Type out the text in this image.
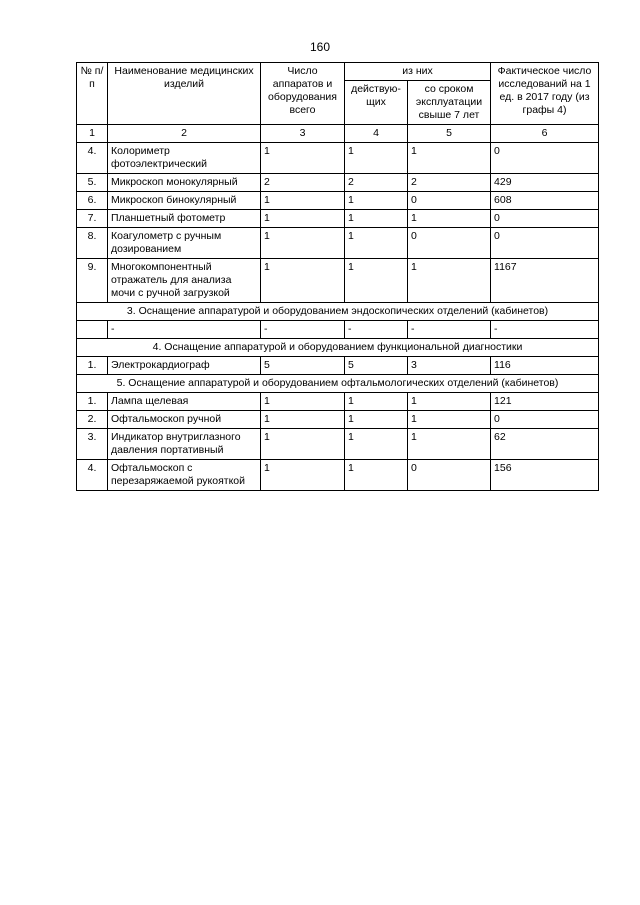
160
№ п/п	Наименование медицинских изделий	Число аппаратов и оборудования всего	из них		Фактическое число исследований на 1 ед. в 2017 году (из графы 4)
			действую-щих	со сроком эксплуатации свыше 7 лет	
1	2	3	4	5	6
4.	Колориметр фотоэлектрический	1	1	1	0
5.	Микроскоп монокулярный	2	2	2	429
6.	Микроскоп бинокулярный	1	1	0	608
7.	Планшетный фотометр	1	1	1	0
8.	Коагулометр с ручным дозированием	1	1	0	0
9.	Многокомпонентный отражатель для анализа мочи с ручной загрузкой	1	1	1	1167
3. Оснащение аппаратурой и оборудованием эндоскопических отделений (кабинетов)					
	-	-	-	-	-
4. Оснащение аппаратурой и оборудованием функциональной диагностики					
1.	Электрокардиограф	5	5	3	116
5. Оснащение аппаратурой и оборудованием офтальмологических отделений (кабинетов)					
1.	Лампа щелевая	1	1	1	121
2.	Офтальмоскоп ручной	1	1	1	0
3.	Индикатор внутриглазного давления портативный	1	1	1	62
4.	Офтальмоскоп с перезаряжаемой рукояткой	1	1	0	156
